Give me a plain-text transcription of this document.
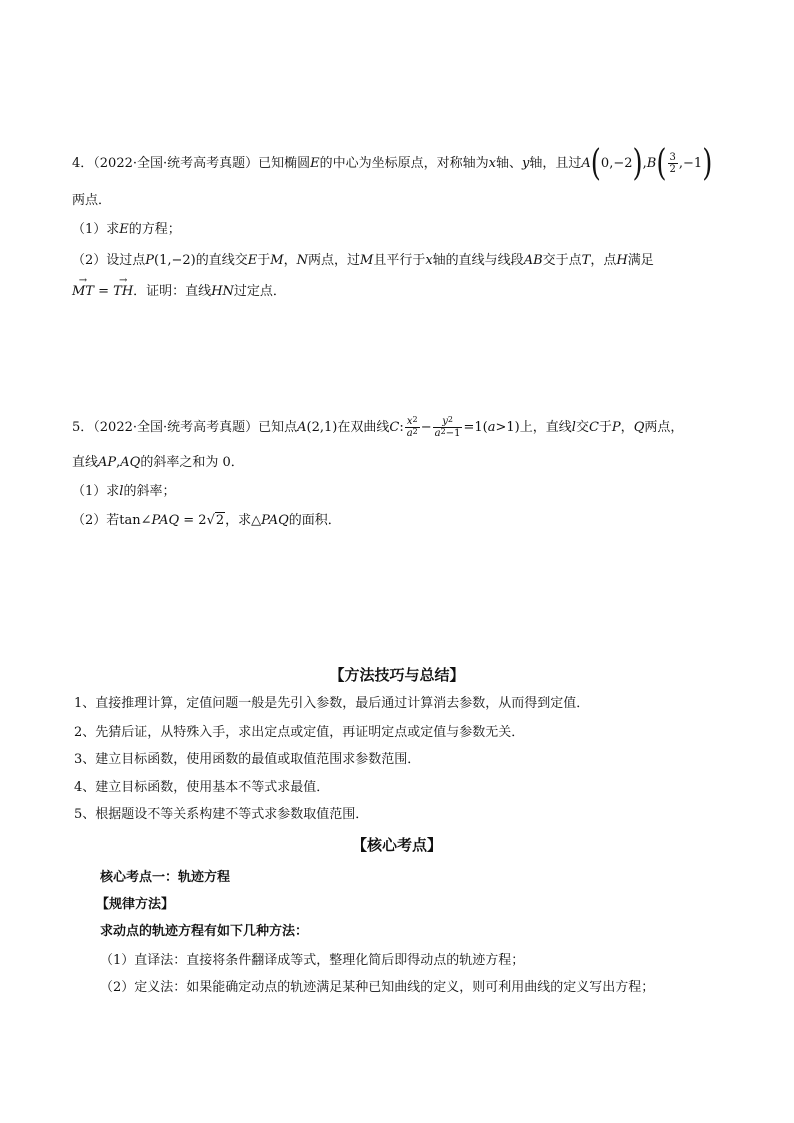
4．（2022·全国·统考高考真题）已知椭圆E的中心为坐标原点，对称轴为x轴、y轴，且过$A(0,-2),B( \frac{3}{2} ,-1)$
两点．
（1）求E的方程；
（2）设过点P(1,−2)的直线交E于M，N两点，过M且平行于x轴的直线与线段AB交于点T，点H满足
→ MT = → TH．证明：直线HN过定点．
5．（2022·全国·统考高考真题）已知点A(2,1)在双曲线C: $\frac{x^2}{a^2} - \frac{y^2}{a^2-1} =1(a>1)$上，直线l交C于P，Q两点，
直线AP,AQ的斜率之和为 0．
（1）求l的斜率；
（2）若tan∠PAQ = 2√2，求△PAQ的面积．
【方法技巧与总结】
1、直接推理计算，定值问题一般是先引入参数，最后通过计算消去参数，从而得到定值．
2、先猜后证，从特殊入手，求出定点或定值，再证明定点或定值与参数无关．
3、建立目标函数，使用函数的最值或取值范围求参数范围．
4、建立目标函数，使用基本不等式求最值．
5、根据题设不等关系构建不等式求参数取值范围．
【核心考点】
核心考点一：轨迹方程
【规律方法】
求动点的轨迹方程有如下几种方法：
（1）直译法：直接将条件翻译成等式，整理化简后即得动点的轨迹方程；
（2）定义法：如果能确定动点的轨迹满足某种已知曲线的定义，则可利用曲线的定义写出方程；
